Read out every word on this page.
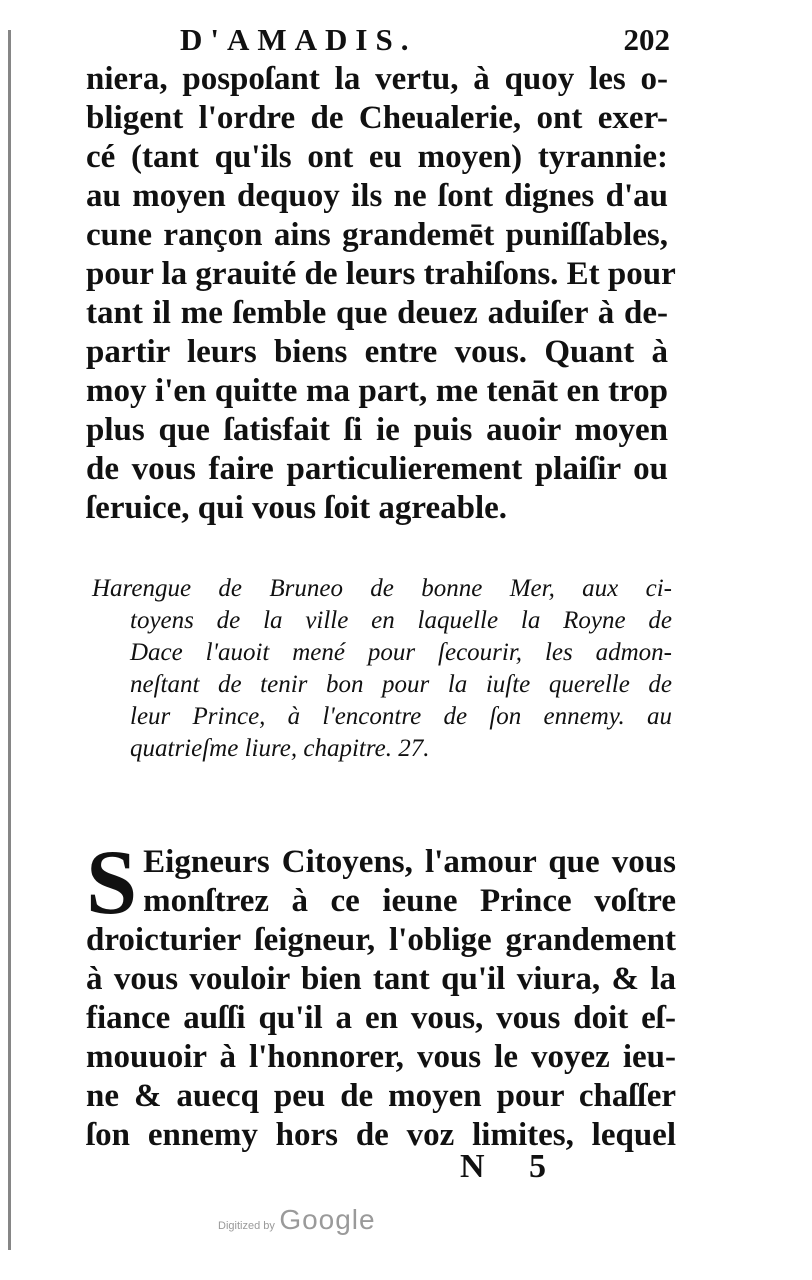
D'AMADIS.	202
niera, pospoſant la vertu, à quoy les o-
bligent l'ordre de Cheualerie, ont exer-
cé (tant qu'ils ont eu moyen) tyrannie:
au moyen dequoy ils ne ſont dignes d'au
cune rançon ains grandemēt puniſſables,
pour la grauité de leurs trahiſons. Et pour
tant il me ſemble que deuez aduiſer à de-
partir leurs biens entre vous. Quant à
moy i'en quitte ma part, me tenāt en trop
plus que ſatisfait ſi ie puis auoir moyen
de vous faire particulierement plaiſir ou
ſeruice, qui vous ſoit agreable.
Harengue de Bruneo de bonne Mer, aux ci-
toyens de la ville en laquelle la Royne de
Dace l'auoit mené pour ſecourir, les admon-
neſtant de tenir bon pour la iuſte querelle de
leur Prince, à l'encontre de ſon ennemy. au
quatrieſme liure, chapitre. 27.
S Eigneurs Citoyens, l'amour que vous
monſtrez à ce ieune Prince voſtre
droicturier ſeigneur, l'oblige grandement
à vous vouloir bien tant qu'il viura, & la
fiance auſſi qu'il a en vous, vous doit eſ-
mouuoir à l'honnorer, vous le voyez ieu-
ne & auecq peu de moyen pour chaſſer
ſon ennemy hors de voz limites, lequel
N 5
Digitized by Google
